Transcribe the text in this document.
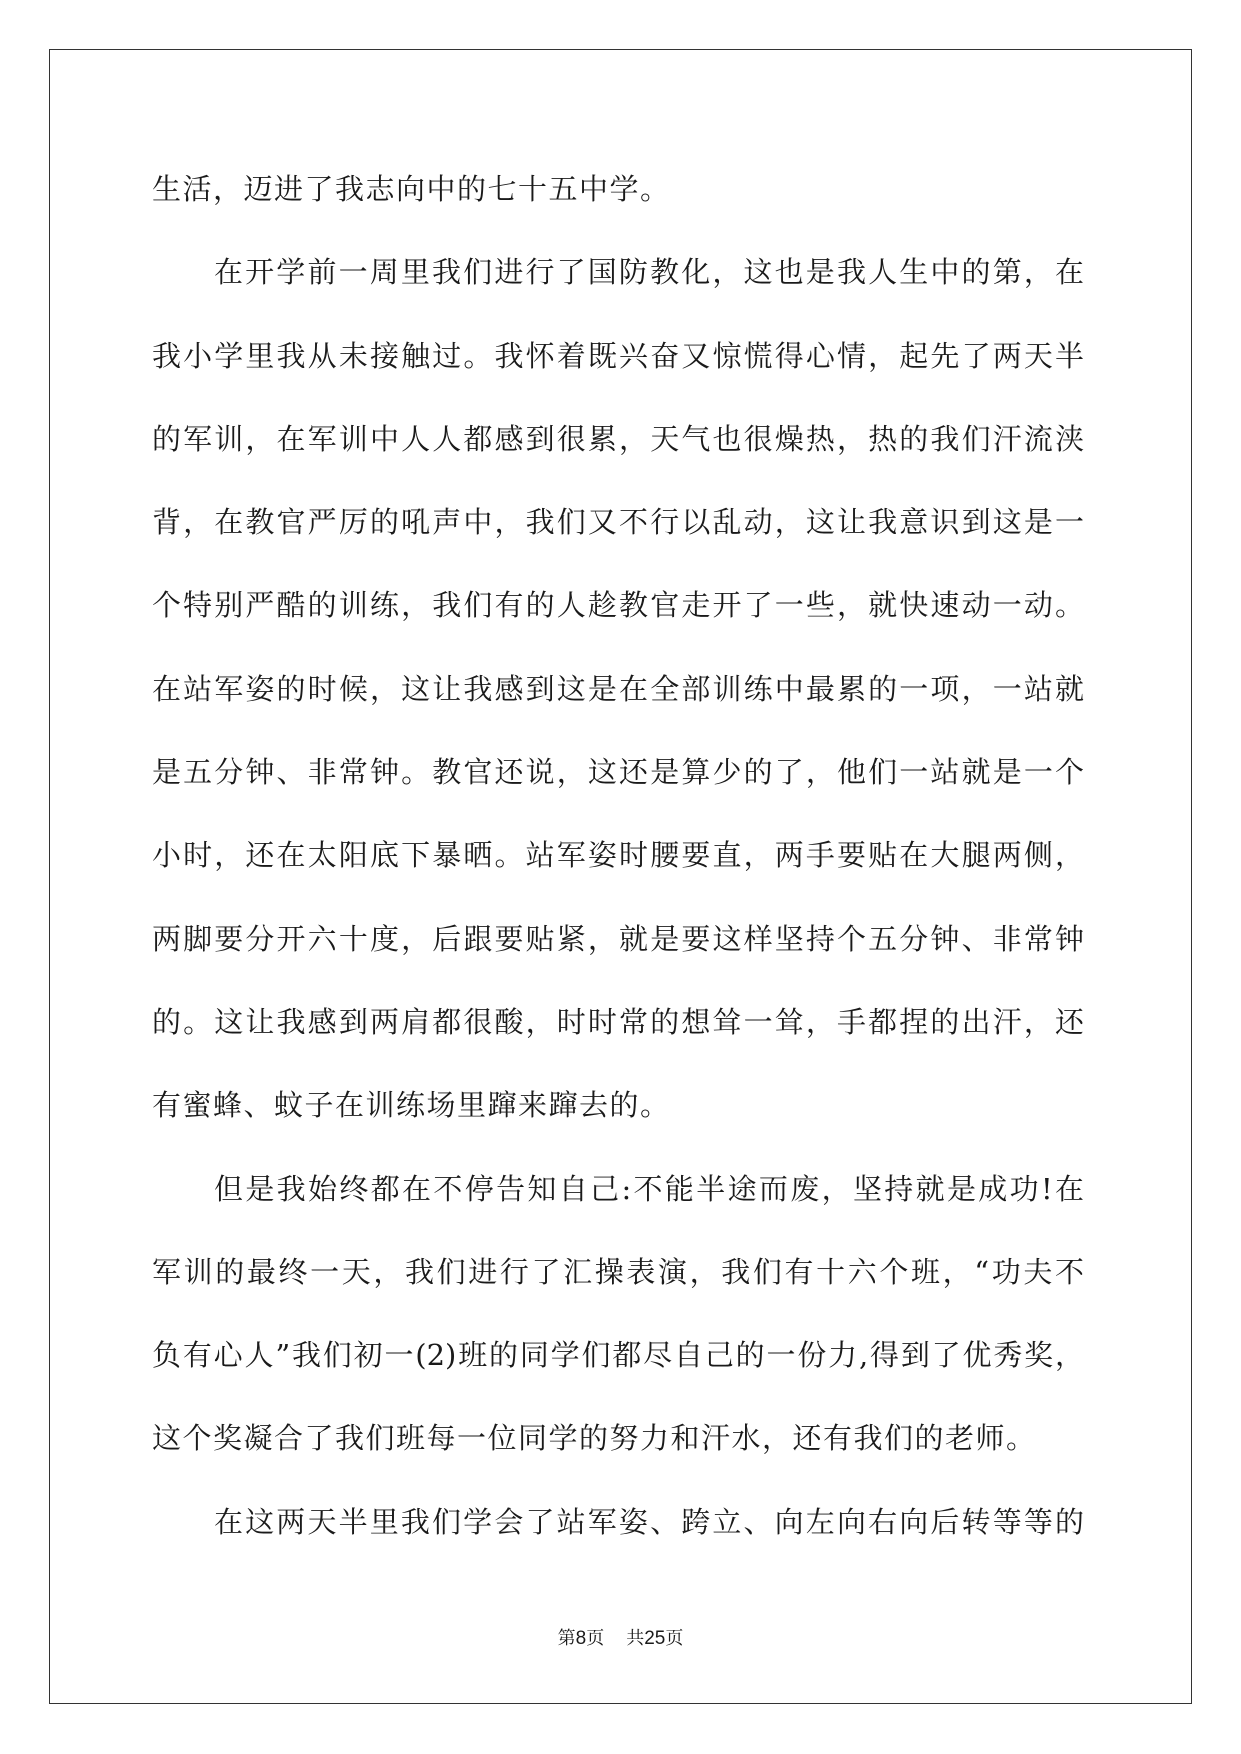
生活，迈进了我志向中的七十五中学。
在开学前一周里我们进行了国防教化，这也是我人生中的第，在
我小学里我从未接触过。我怀着既兴奋又惊慌得心情，起先了两天半
的军训，在军训中人人都感到很累，天气也很燥热，热的我们汗流浃
背，在教官严厉的吼声中，我们又不行以乱动，这让我意识到这是一
个特别严酷的训练，我们有的人趁教官走开了一些，就快速动一动。
在站军姿的时候，这让我感到这是在全部训练中最累的一项，一站就
是五分钟、非常钟。教官还说，这还是算少的了，他们一站就是一个
小时，还在太阳底下暴晒。站军姿时腰要直，两手要贴在大腿两侧，
两脚要分开六十度，后跟要贴紧，就是要这样坚持个五分钟、非常钟
的。这让我感到两肩都很酸，时时常的想耸一耸，手都捏的出汗，还
有蜜蜂、蚊子在训练场里蹿来蹿去的。
但是我始终都在不停告知自己:不能半途而废，坚持就是成功!在
军训的最终一天，我们进行了汇操表演，我们有十六个班，“功夫不
负有心人”我们初一(2)班的同学们都尽自己的一份力,得到了优秀奖，
这个奖凝合了我们班每一位同学的努力和汗水，还有我们的老师。
在这两天半里我们学会了站军姿、跨立、向左向右向后转等等的
第8页 共25页
